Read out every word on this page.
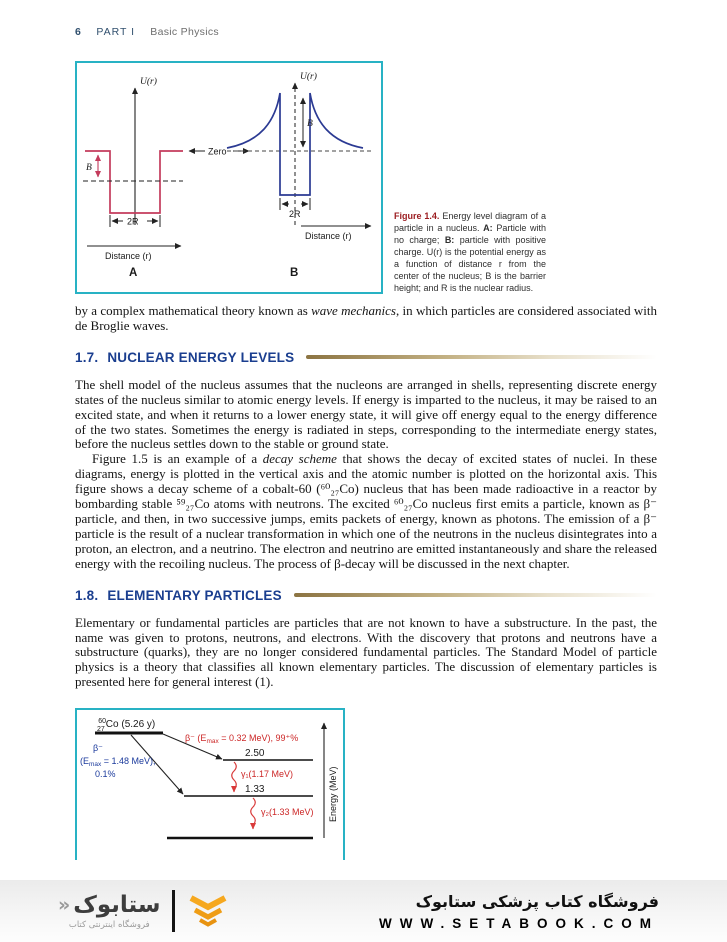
6 PART I Basic Physics
U(r)
B
2R
Distance (r)
A
Zero
U(r)
B
2R
Distance (r)
B
Figure 1.4. Energy level diagram of a particle in a nucleus. A: Particle with no charge; B: particle with positive charge. U(r) is the potential energy as a function of distance r from the center of the nucleus; B is the barrier height; and R is the nuclear radius.

by a complex mathematical theory known as wave mechanics, in which particles are considered associated with de Broglie waves.

1.7. NUCLEAR ENERGY LEVELS

The shell model of the nucleus assumes that the nucleons are arranged in shells, representing discrete energy states of the nucleus similar to atomic energy levels. If energy is imparted to the nucleus, it may be raised to an excited state, and when it returns to a lower energy state, it will give off energy equal to the energy difference of the two states. Sometimes the energy is radiated in steps, corresponding to the intermediate energy states, before the nucleus settles down to the stable or ground state.

Figure 1.5 is an example of a decay scheme that shows the decay of excited states of nuclei. In these diagrams, energy is plotted in the vertical axis and the atomic number is plotted on the horizontal axis. This figure shows a decay scheme of a cobalt-60 (⁶⁰₂₇Co) nucleus that has been made radioactive in a reactor by bombarding stable ⁵⁹₂₇Co atoms with neutrons. The excited ⁶⁰₂₇Co nucleus first emits a particle, known as β⁻ particle, and then, in two successive jumps, emits packets of energy, known as photons. The emission of a β⁻ particle is the result of a nuclear transformation in which one of the neutrons in the nucleus disintegrates into a proton, an electron, and a neutrino. The electron and neutrino are emitted instantaneously and share the released energy with the recoiling nucleus. The process of β-decay will be discussed in the next chapter.

1.8. ELEMENTARY PARTICLES

Elementary or fundamental particles are particles that are not known to have a substructure. In the past, the name was given to protons, neutrons, and electrons. With the discovery that protons and neutrons have a substructure (quarks), they are no longer considered fundamental particles. The Standard Model of particle physics is a theory that classifies all known elementary particles. The discussion of elementary particles is presented here for general interest (1).

$^{60}$ 27Co (5.26 y)
β⁻ ($E_{max} = 0.32$ MeV), 99⁺%
β⁻
($E_{max} = 1.48$ MeV),
0.1%
2.50
1.33
γ₁(1.17 MeV)
γ₂(1.33 MeV) Energy (MeV)
ستابوک
«
فروشگاه اینترنتی کتاب
فروشگاه کتاب پزشکی ستابوک
WWW.SETABOOK.COM
